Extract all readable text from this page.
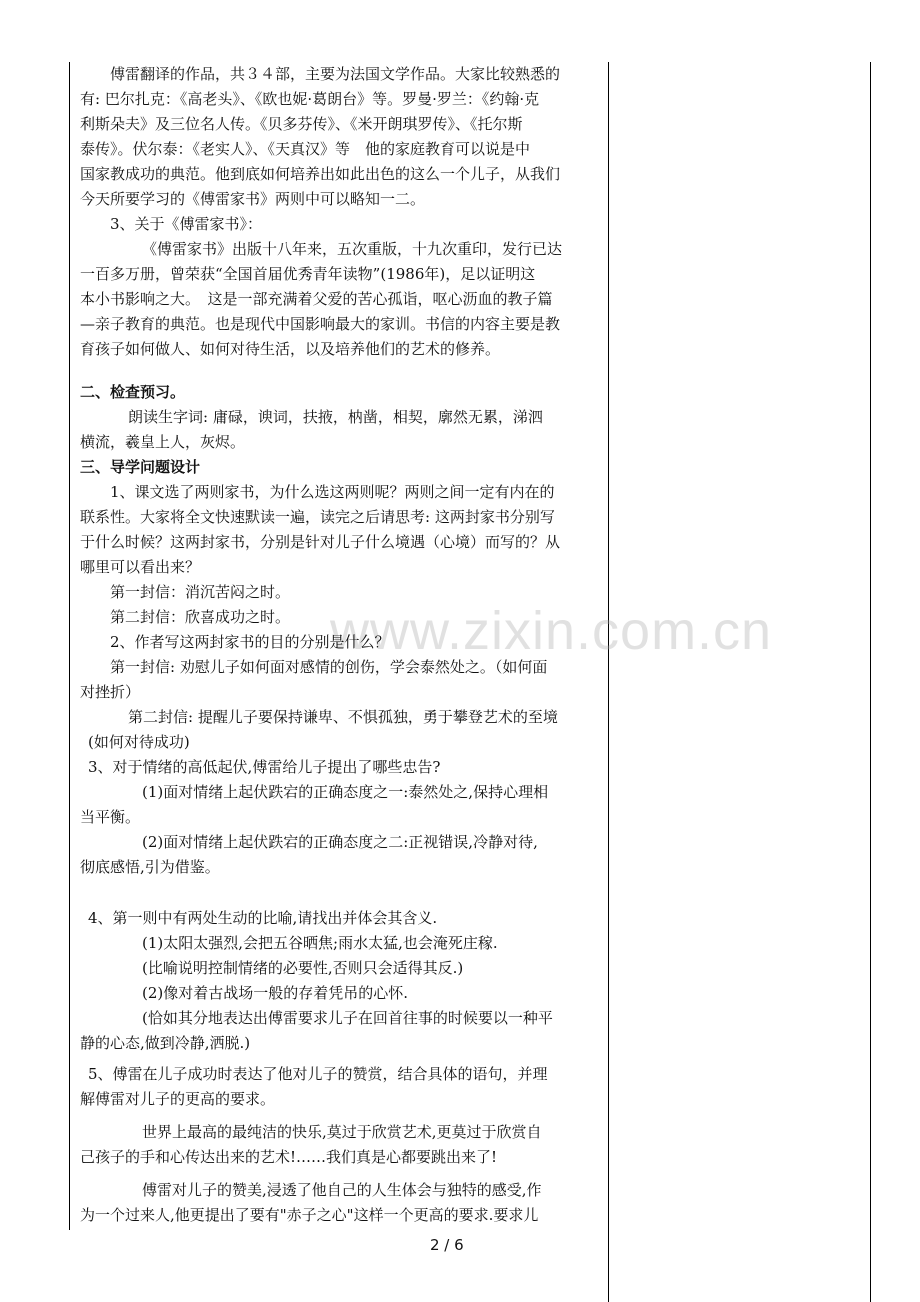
www.zixin.com.cn

傅雷翻译的作品，共３４部，主要为法国文学作品。大家比较熟悉的

有: 巴尔扎克：《高老头》、《欧也妮·葛朗台》等。罗曼·罗兰：《约翰·克

利斯朵夫》及三位名人传。《贝多芬传》、《米开朗琪罗传》、《托尔斯

泰传》。伏尔泰：《老实人》、《天真汉》等　他的家庭教育可以说是中

国家教成功的典范。他到底如何培养出如此出色的这么一个儿子，从我们

今天所要学习的《傅雷家书》两则中可以略知一二。

3、关于《傅雷家书》：

《傅雷家书》出版十八年来，五次重版，十九次重印，发行已达

一百多万册，曾荣获“全国首届优秀青年读物”(1986年)，足以证明这

本小书影响之大。　这是一部充满着父爱的苦心孤诣，呕心沥血的教子篇

—亲子教育的典范。也是现代中国影响最大的家训。书信的内容主要是教

育孩子如何做人、如何对待生活，以及培养他们的艺术的修养。

二、检查预习。

朗读生字词: 庸碌，谀词，扶掖，枘凿，相契，廓然无累，涕泗

横流，羲皇上人，灰烬。

三、导学问题设计

1、课文选了两则家书，为什么选这两则呢？两则之间一定有内在的

联系性。大家将全文快速默读一遍，读完之后请思考: 这两封家书分别写

于什么时候？这两封家书，分别是针对儿子什么境遇（心境）而写的？从

哪里可以看出来？

第一封信：消沉苦闷之时。

第二封信：欣喜成功之时。

2、作者写这两封家书的目的分别是什么？

第一封信: 劝慰儿子如何面对感情的创伤，学会泰然处之。（如何面

对挫折）

第二封信: 提醒儿子要保持谦卑、不惧孤独，勇于攀登艺术的至境

(如何对待成功)

3、对于情绪的高低起伏,傅雷给儿子提出了哪些忠告?

(1)面对情绪上起伏跌宕的正确态度之一:泰然处之,保持心理相

当平衡。

(2)面对情绪上起伏跌宕的正确态度之二:正视错误,冷静对待,

彻底感悟,引为借鉴。

4、第一则中有两处生动的比喻,请找出并体会其含义.

(1)太阳太强烈,会把五谷晒焦;雨水太猛,也会淹死庄稼.

(比喻说明控制情绪的必要性,否则只会适得其反.)

(2)像对着古战场一般的存着凭吊的心怀.

(恰如其分地表达出傅雷要求儿子在回首往事的时候要以一种平

静的心态,做到冷静,洒脱.)

5、傅雷在儿子成功时表达了他对儿子的赞赏，结合具体的语句，并理

解傅雷对儿子的更高的要求。

世界上最高的最纯洁的快乐,莫过于欣赏艺术,更莫过于欣赏自

己孩子的手和心传达出来的艺术!……我们真是心都要跳出来了!

傅雷对儿子的赞美,浸透了他自己的人生体会与独特的感受,作

为一个过来人,他更提出了要有"赤子之心"这样一个更高的要求.要求儿

2 / 6
